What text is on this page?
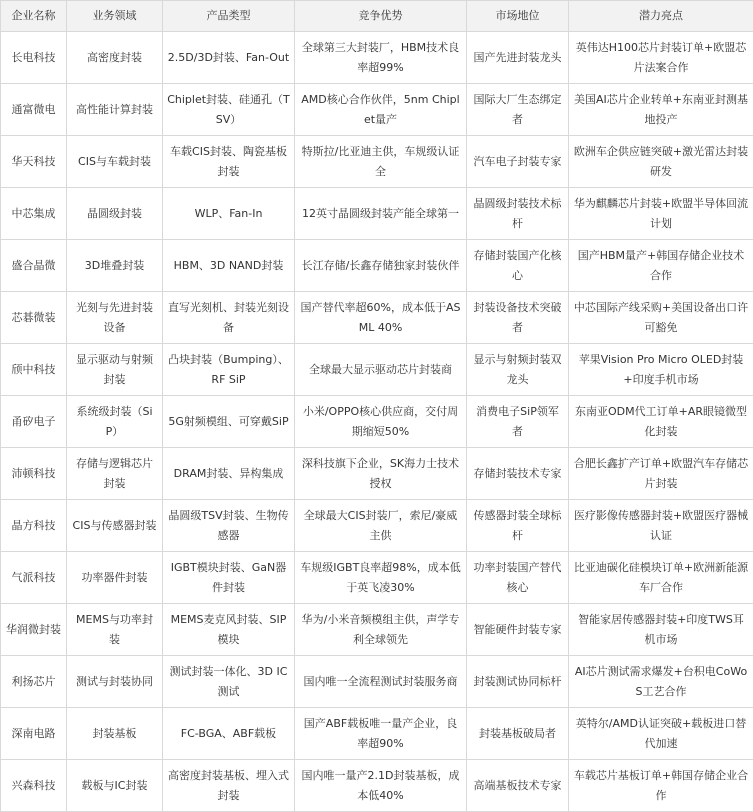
企业名称	业务领域	产品类型	竞争优势	市场地位	潜力亮点
长电科技	高密度封装	2.5D/3D封装、Fan-Out	全球第三大封装厂，HBM技术良率超99%	国产先进封装龙头	英伟达H100芯片封装订单+欧盟芯片法案合作
通富微电	高性能计算封装	Chiplet封装、硅通孔（TSV）	AMD核心合作伙伴，5nm Chiplet量产	国际大厂生态绑定者	美国AI芯片企业转单+东南亚封测基地投产
华天科技	CIS与车载封装	车载CIS封装、陶瓷基板封装	特斯拉/比亚迪主供，车规级认证全	汽车电子封装专家	欧洲车企供应链突破+激光雷达封装研发
中芯集成	晶圆级封装	WLP、Fan-In	12英寸晶圆级封装产能全球第一	晶圆级封装技术标杆	华为麒麟芯片封装+欧盟半导体回流计划
盛合晶微	3D堆叠封装	HBM、3D NAND封装	长江存储/长鑫存储独家封装伙伴	存储封装国产化核心	国产HBM量产+韩国存储企业技术合作
芯碁微装	光刻与先进封装设备	直写光刻机、封装光刻设备	国产替代率超60%，成本低于ASML 40%	封装设备技术突破者	中芯国际产线采购+美国设备出口许可豁免
颀中科技	显示驱动与射频封装	凸块封装（Bumping）、RF SiP	全球最大显示驱动芯片封装商	显示与射频封装双龙头	苹果Vision Pro Micro OLED封装+印度手机市场
甬矽电子	系统级封装（SiP）	5G射频模组、可穿戴SiP	小米/OPPO核心供应商，交付周期缩短50%	消费电子SiP领军者	东南亚ODM代工订单+AR眼镜微型化封装
沛顿科技	存储与逻辑芯片封装	DRAM封装、异构集成	深科技旗下企业，SK海力士技术授权	存储封装技术专家	合肥长鑫扩产订单+欧盟汽车存储芯片封装
晶方科技	CIS与传感器封装	晶圆级TSV封装、生物传感器	全球最大CIS封装厂，索尼/豪威主供	传感器封装全球标杆	医疗影像传感器封装+欧盟医疗器械认证
气派科技	功率器件封装	IGBT模块封装、GaN器件封装	车规级IGBT良率超98%，成本低于英飞凌30%	功率封装国产替代核心	比亚迪碳化硅模块订单+欧洲新能源车厂合作
华润微封装	MEMS与功率封装	MEMS麦克风封装、SIP模块	华为/小米音频模组主供，声学专利全球领先	智能硬件封装专家	智能家居传感器封装+印度TWS耳机市场
利扬芯片	测试与封装协同	测试封装一体化、3D IC测试	国内唯一全流程测试封装服务商	封装测试协同标杆	AI芯片测试需求爆发+台积电CoWoS工艺合作
深南电路	封装基板	FC-BGA、ABF载板	国产ABF载板唯一量产企业，良率超90%	封装基板破局者	英特尔/AMD认证突破+载板进口替代加速
兴森科技	载板与IC封装	高密度封装基板、埋入式封装	国内唯一量产2.1D封装基板，成本低40%	高端基板技术专家	车载芯片基板订单+韩国存储企业合作
